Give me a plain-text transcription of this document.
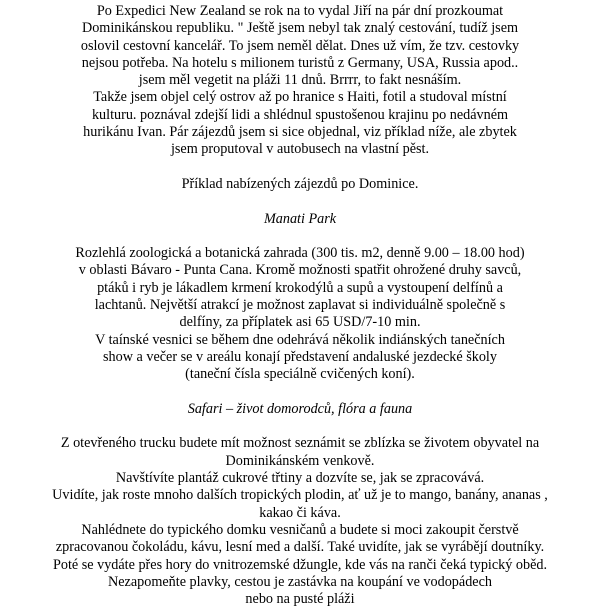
Po Expedici New Zealand se rok na to vydal Jiří na pár dní prozkoumat
Dominikánskou republiku. " Ještě jsem nebyl tak znalý cestování, tudíž jsem
oslovil cestovní kancelář. To jsem neměl dělat. Dnes už vím, že tzv. cestovky
nejsou potřeba. Na hotelu s milionem turistů z Germany, USA, Russia apod..
jsem měl vegetit na pláži 11 dnů. Brrrr, to fakt nesnáším.
Takže jsem objel celý ostrov až po hranice s Haiti, fotil a studoval místní
kulturu. poznával zdejší lidi a shlédnul spustošenou krajinu po nedávném
hurikánu Ivan. Pár zájezdů jsem si sice objednal, viz příklad níže, ale zbytek
jsem proputoval v autobusech na vlastní pěst.
Příklad nabízených zájezdů po Dominice.
Manati Park
Rozlehlá zoologická a botanická zahrada (300 tis. m2, denně 9.00 – 18.00 hod)
v oblasti Bávaro - Punta Cana. Kromě možnosti spatřit ohrožené druhy savců,
ptáků i ryb je lákadlem krmení krokodýlů a supů a vystoupení delfínů a
lachtanů. Největší atrakcí je možnost zaplavat si individuálně společně s
delfíny, za příplatek asi 65 USD/7-10 min.
V taínské vesnici se během dne odehrává několik indiánských tanečních
show a večer se v areálu konají představení andaluské jezdecké školy
(taneční čísla speciálně cvičených koní).
Safari – život domorodců, flóra a fauna
Z otevřeného trucku budete mít možnost seznámit se zblízka se životem obyvatel na
Dominikánském venkově.
Navštívíte plantáž cukrové třtiny a dozvíte se, jak se zpracovává.
Uvidíte, jak roste mnoho dalších tropických plodin, ať už je to mango, banány, ananas ,
kakao či káva.
Nahlédnete do typického domku vesničanů a budete si moci zakoupit čerstvě
zpracovanou čokoládu, kávu, lesní med a další. Také uvidíte, jak se vyrábějí doutníky.
Poté se vydáte přes hory do vnitrozemské džungle, kde vás na ranči čeká typický oběd.
Nezapomeňte plavky, cestou je zastávka na koupání ve vodopádech
nebo na pusté pláži
